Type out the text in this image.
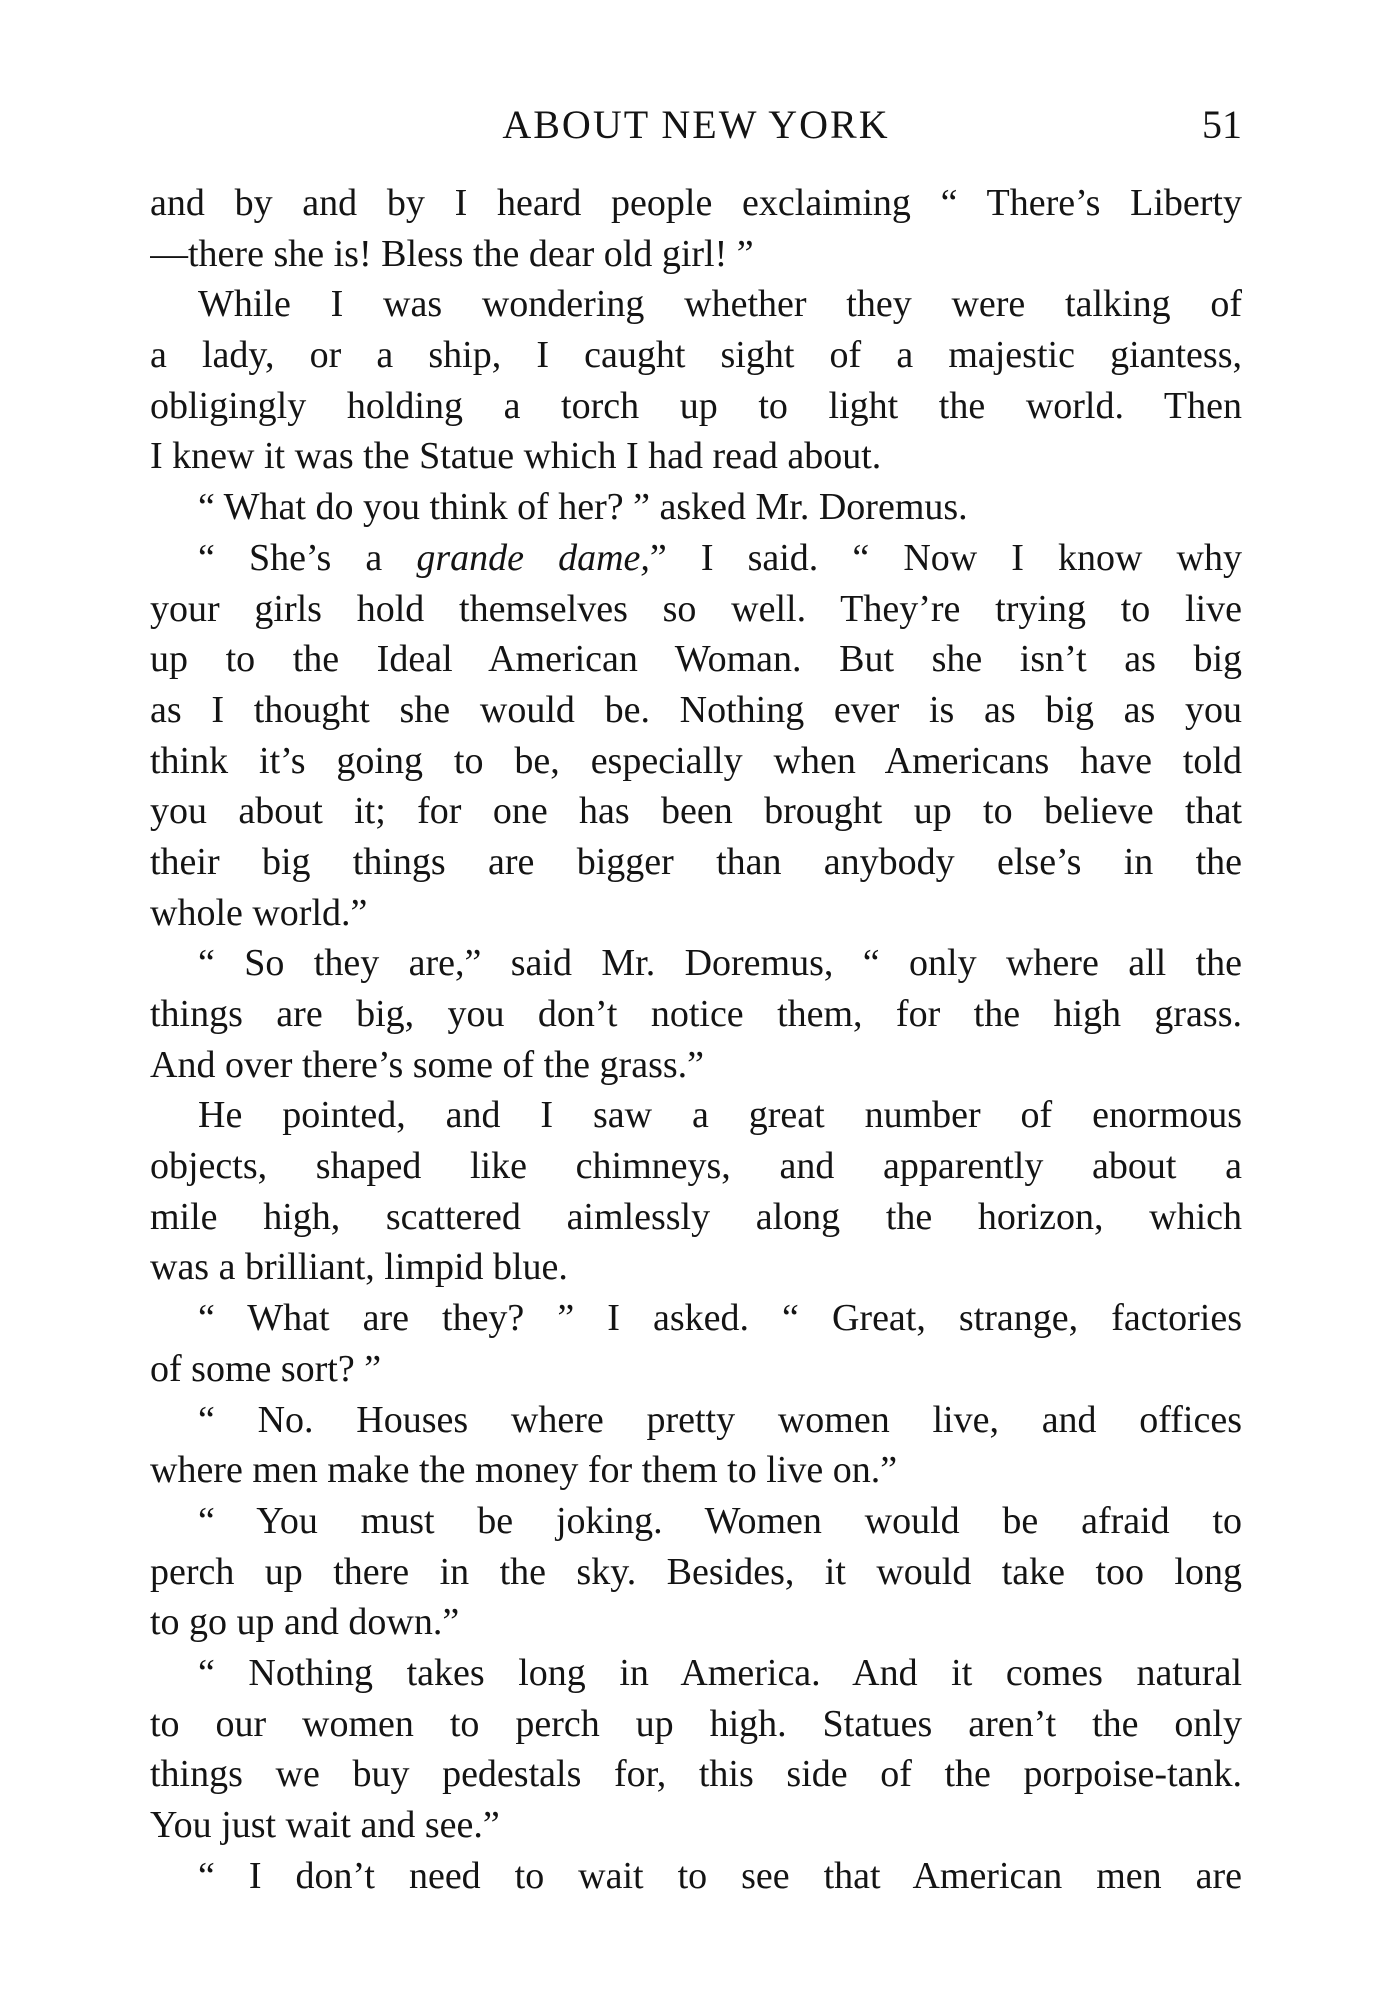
ABOUT NEW YORK	51
and by and by I heard people exclaiming “ There’s Liberty
—there she is! Bless the dear old girl! ”
While I was wondering whether they were talking of
a lady, or a ship, I caught sight of a majestic giantess,
obligingly holding a torch up to light the world. Then
I knew it was the Statue which I had read about.
“ What do you think of her? ” asked Mr. Doremus.
“ She’s a grande dame,” I said. “ Now I know why
your girls hold themselves so well. They’re trying to live
up to the Ideal American Woman. But she isn’t as big
as I thought she would be. Nothing ever is as big as you
think it’s going to be, especially when Americans have told
you about it; for one has been brought up to believe that
their big things are bigger than anybody else’s in the
whole world.”
“ So they are,” said Mr. Doremus, “ only where all the
things are big, you don’t notice them, for the high grass.
And over there’s some of the grass.”
He pointed, and I saw a great number of enormous
objects, shaped like chimneys, and apparently about a
mile high, scattered aimlessly along the horizon, which
was a brilliant, limpid blue.
“ What are they? ” I asked. “ Great, strange, factories
of some sort? ”
“ No. Houses where pretty women live, and offices
where men make the money for them to live on.”
“ You must be joking. Women would be afraid to
perch up there in the sky. Besides, it would take too long
to go up and down.”
“ Nothing takes long in America. And it comes natural
to our women to perch up high. Statues aren’t the only
things we buy pedestals for, this side of the porpoise-tank.
You just wait and see.”
“ I don’t need to wait to see that American men are
